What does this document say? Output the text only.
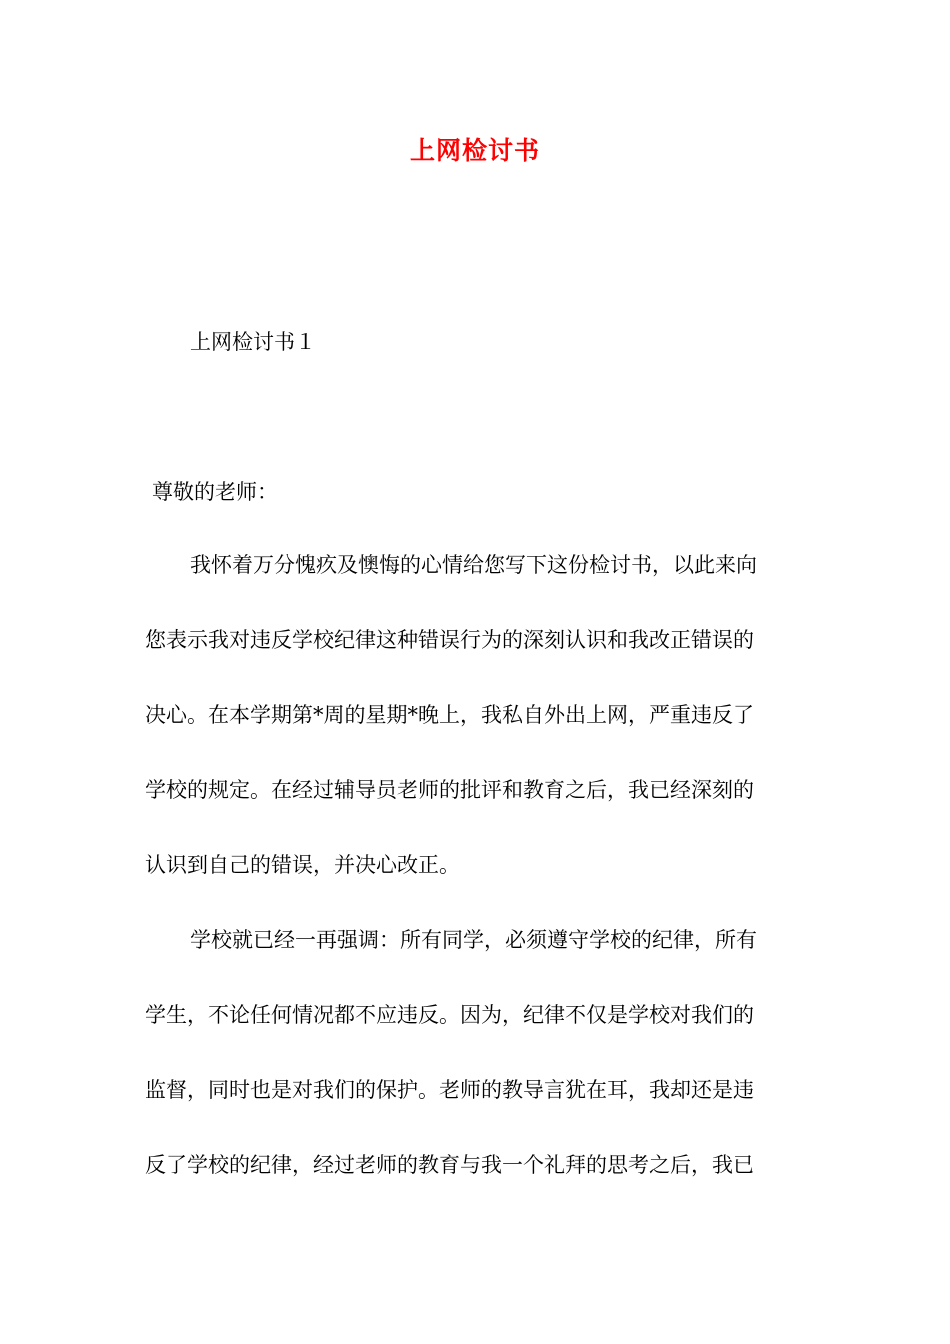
上网检讨书
上网检讨书１
尊敬的老师：
我怀着万分愧疚及懊悔的心情给您写下这份检讨书，以此来向
您表示我对违反学校纪律这种错误行为的深刻认识和我改正错误的
决心。在本学期第*周的星期*晚上，我私自外出上网，严重违反了
学校的规定。在经过辅导员老师的批评和教育之后，我已经深刻的
认识到自己的错误，并决心改正。
学校就已经一再强调：所有同学，必须遵守学校的纪律，所有
学生，不论任何情况都不应违反。因为，纪律不仅是学校对我们的
监督，同时也是对我们的保护。老师的教导言犹在耳，我却还是违
反了学校的纪律，经过老师的教育与我一个礼拜的思考之后，我已
